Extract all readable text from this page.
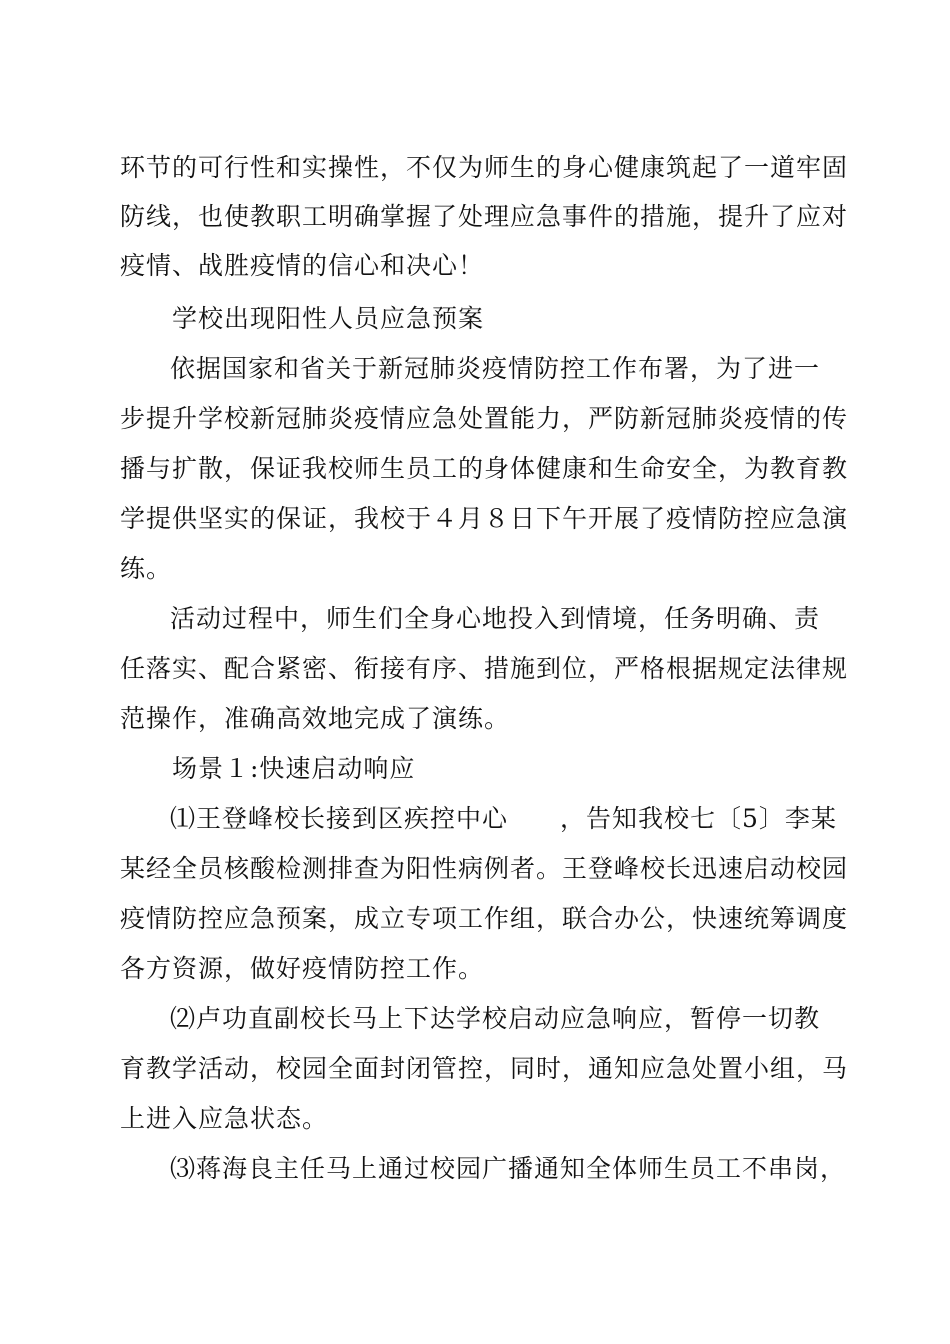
环节的可行性和实操性，不仅为师生的身心健康筑起了一道牢固
防线，也使教职工明确掌握了处理应急事件的措施，提升了应对
疫情、战胜疫情的信心和决心！
学校出现阳性人员应急预案
依据国家和省关于新冠肺炎疫情防控工作布署，为了进一
步提升学校新冠肺炎疫情应急处置能力，严防新冠肺炎疫情的传
播与扩散，保证我校师生员工的身体健康和生命安全，为教育教
学提供坚实的保证，我校于４月８日下午开展了疫情防控应急演
练。
活动过程中，师生们全身心地投入到情境，任务明确、责
任落实、配合紧密、衔接有序、措施到位，严格根据规定法律规
范操作，准确高效地完成了演练。
场景１:快速启动响应
⑴王登峰校长接到区疾控中心　　，告知我校七〔5〕李某
某经全员核酸检测排查为阳性病例者。王登峰校长迅速启动校园
疫情防控应急预案，成立专项工作组，联合办公，快速统筹调度
各方资源，做好疫情防控工作。
⑵卢功直副校长马上下达学校启动应急响应，暂停一切教
育教学活动，校园全面封闭管控，同时，通知应急处置小组，马
上进入应急状态。
⑶蒋海良主任马上通过校园广播通知全体师生员工不串岗，
